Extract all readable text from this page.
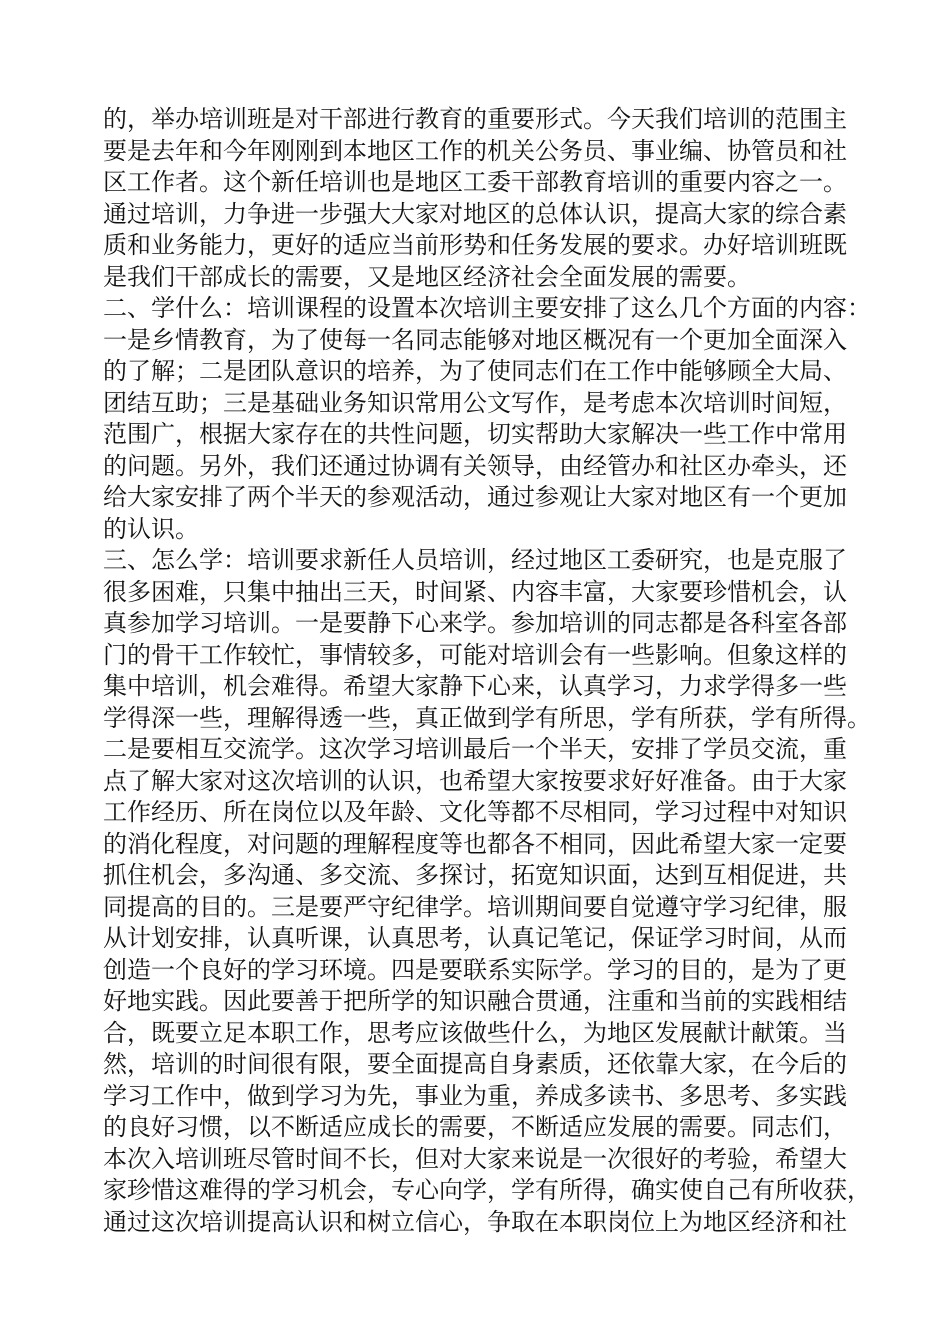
的，举办培训班是对干部进行教育的重要形式。今天我们培训的范围主
要是去年和今年刚刚到本地区工作的机关公务员、事业编、协管员和社
区工作者。这个新任培训也是地区工委干部教育培训的重要内容之一。
通过培训，力争进一步强大大家对地区的总体认识，提高大家的综合素
质和业务能力，更好的适应当前形势和任务发展的要求。办好培训班既
是我们干部成长的需要，又是地区经济社会全面发展的需要。
二、学什么：培训课程的设置本次培训主要安排了这么几个方面的内容：
一是乡情教育，为了使每一名同志能够对地区概况有一个更加全面深入
的了解；二是团队意识的培养，为了使同志们在工作中能够顾全大局、
团结互助；三是基础业务知识常用公文写作，是考虑本次培训时间短，
范围广，根据大家存在的共性问题，切实帮助大家解决一些工作中常用
的问题。另外，我们还通过协调有关领导，由经管办和社区办牵头，还
给大家安排了两个半天的参观活动，通过参观让大家对地区有一个更加
的认识。
三、怎么学：培训要求新任人员培训，经过地区工委研究，也是克服了
很多困难，只集中抽出三天，时间紧、内容丰富，大家要珍惜机会，认
真参加学习培训。一是要静下心来学。参加培训的同志都是各科室各部
门的骨干工作较忙，事情较多，可能对培训会有一些影响。但象这样的
集中培训，机会难得。希望大家静下心来，认真学习，力求学得多一些
学得深一些，理解得透一些，真正做到学有所思，学有所获，学有所得。
二是要相互交流学。这次学习培训最后一个半天，安排了学员交流，重
点了解大家对这次培训的认识，也希望大家按要求好好准备。由于大家
工作经历、所在岗位以及年龄、文化等都不尽相同，学习过程中对知识
的消化程度，对问题的理解程度等也都各不相同，因此希望大家一定要
抓住机会，多沟通、多交流、多探讨，拓宽知识面，达到互相促进，共
同提高的目的。三是要严守纪律学。培训期间要自觉遵守学习纪律，服
从计划安排，认真听课，认真思考，认真记笔记，保证学习时间，从而
创造一个良好的学习环境。四是要联系实际学。学习的目的，是为了更
好地实践。因此要善于把所学的知识融合贯通，注重和当前的实践相结
合，既要立足本职工作，思考应该做些什么，为地区发展献计献策。当
然，培训的时间很有限，要全面提高自身素质，还依靠大家，在今后的
学习工作中，做到学习为先，事业为重，养成多读书、多思考、多实践
的良好习惯，以不断适应成长的需要，不断适应发展的需要。同志们，
本次入培训班尽管时间不长，但对大家来说是一次很好的考验，希望大
家珍惜这难得的学习机会，专心向学，学有所得，确实使自己有所收获，
通过这次培训提高认识和树立信心，争取在本职岗位上为地区经济和社
